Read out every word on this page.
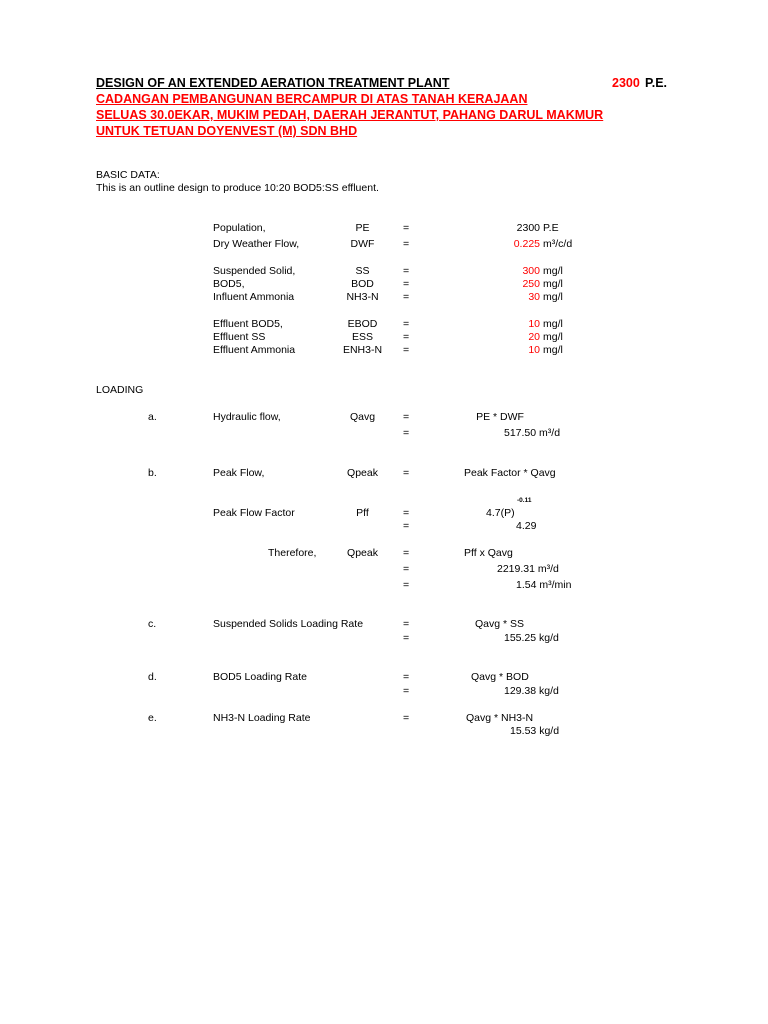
DESIGN OF AN EXTENDED AERATION TREATMENT PLANT	2300 P.E.
CADANGAN PEMBANGUNAN BERCAMPUR DI ATAS TANAH KERAJAAN
SELUAS 30.0EKAR, MUKIM PEDAH, DAERAH JERANTUT, PAHANG DARUL MAKMUR
UNTUK TETUAN DOYENVEST (M) SDN BHD
BASIC DATA:
This is an outline design to produce 10:20 BOD5:SS effluent.
Population,	PE	=	2300 P.E
Dry Weather Flow,	DWF	=	0.225 m³/c/d
Suspended Solid,	SS	=	300 mg/l
BOD5,	BOD	=	250 mg/l
Influent Ammonia	NH3-N	=	30 mg/l
Effluent BOD5,	EBOD	=	10 mg/l
Effluent SS	ESS	=	20 mg/l
Effluent Ammonia	ENH3-N	=	10 mg/l
LOADING
a.	Hydraulic flow,	Qavg	=	PE * DWF
=	517.50 m³/d
b.	Peak Flow,	Qpeak	=	Peak Factor * Qavg
-0.11
Peak Flow Factor	Pff	=	4.7(P)
=	4.29
Therefore,	Qpeak	=	Pff x Qavg
=	2219.31 m³/d
=	1.54 m³/min
c.	Suspended Solids Loading Rate	=	Qavg * SS
=	155.25 kg/d
d.	BOD5 Loading Rate	=	Qavg * BOD
=	129.38 kg/d
e.	NH3-N Loading Rate	=	Qavg * NH3-N
15.53 kg/d
